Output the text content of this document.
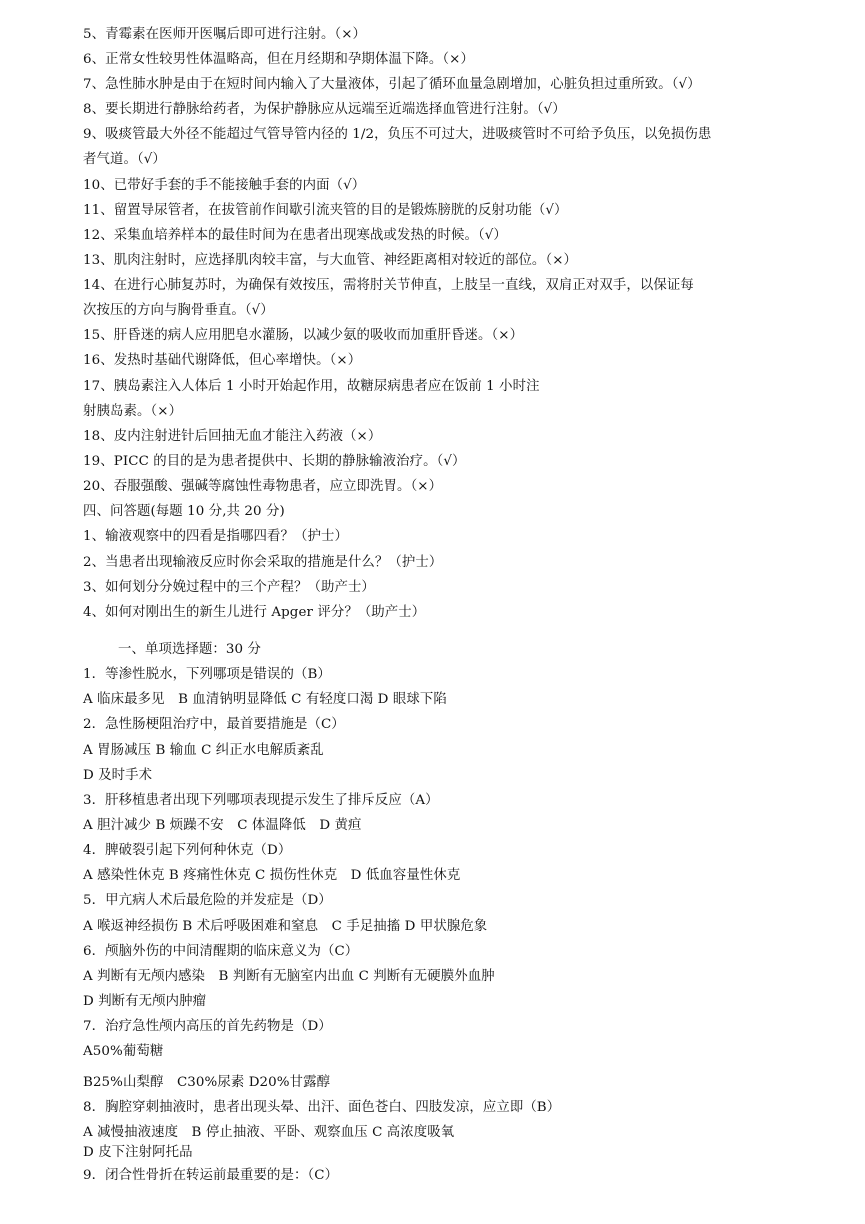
5、青霉素在医师开医嘱后即可进行注射。（×）
6、正常女性较男性体温略高，但在月经期和孕期体温下降。（×）
7、急性肺水肿是由于在短时间内输入了大量液体，引起了循环血量急剧增加，心脏负担过重所致。（√）
8、要长期进行静脉给药者，为保护静脉应从远端至近端选择血管进行注射。（√）
9、吸痰管最大外径不能超过气管导管内径的 1/2，负压不可过大，进吸痰管时不可给予负压，以免损伤患
者气道。（√）
10、已带好手套的手不能接触手套的内面（√）
11、留置导尿管者，在拔管前作间歇引流夹管的目的是锻炼膀胱的反射功能（√）
12、采集血培养样本的最佳时间为在患者出现寒战或发热的时候。（√）
13、肌肉注射时，应选择肌肉较丰富，与大血管、神经距离相对较近的部位。（×）
14、在进行心肺复苏时，为确保有效按压，需将肘关节伸直，上肢呈一直线，双肩正对双手，以保证每
次按压的方向与胸骨垂直。（√）
15、肝昏迷的病人应用肥皂水灌肠，以减少氨的吸收而加重肝昏迷。（×）
16、发热时基础代谢降低，但心率增快。（×）
17、胰岛素注入人体后 1 小时开始起作用，故糖尿病患者应在饭前 1 小时注
射胰岛素。（×）
18、皮内注射进针后回抽无血才能注入药液（×）
19、PICC 的目的是为患者提供中、长期的静脉输液治疗。（√）
20、吞服强酸、强碱等腐蚀性毒物患者，应立即洗胃。（×）
四、问答题(每题 10 分,共 20 分)
1、输液观察中的四看是指哪四看？（护士）
2、当患者出现输液反应时你会采取的措施是什么？（护士）
3、如何划分分娩过程中的三个产程？（助产士）
4、如何对刚出生的新生儿进行 Apger 评分？（助产士）
一、单项选择题：30 分
1．等渗性脱水，下列哪项是错误的（B）
A 临床最多见　B 血清钠明显降低 C 有轻度口渴 D 眼球下陷
2．急性肠梗阻治疗中，最首要措施是（C）
A 胃肠减压 B 输血 C 纠正水电解质紊乱
D 及时手术
3．肝移植患者出现下列哪项表现提示发生了排斥反应（A）
A 胆汁减少 B 烦躁不安　C 体温降低　D 黄疸
4．脾破裂引起下列何种休克（D）
A 感染性休克 B 疼痛性休克 C 损伤性休克　D 低血容量性休克
5．甲亢病人术后最危险的并发症是（D）
A 喉返神经损伤 B 术后呼吸困难和窒息　C 手足抽搐 D 甲状腺危象
6．颅脑外伤的中间清醒期的临床意义为（C）
A 判断有无颅内感染　B 判断有无脑室内出血 C 判断有无硬膜外血肿
D 判断有无颅内肿瘤
7．治疗急性颅内高压的首先药物是（D）
A50%葡萄糖
B25%山梨醇　C30%尿素 D20%甘露醇
8．胸腔穿刺抽液时，患者出现头晕、出汗、面色苍白、四肢发凉，应立即（B）
A 减慢抽液速度　B 停止抽液、平卧、观察血压 C 高浓度吸氧
D 皮下注射阿托品
9．闭合性骨折在转运前最重要的是：（C）
